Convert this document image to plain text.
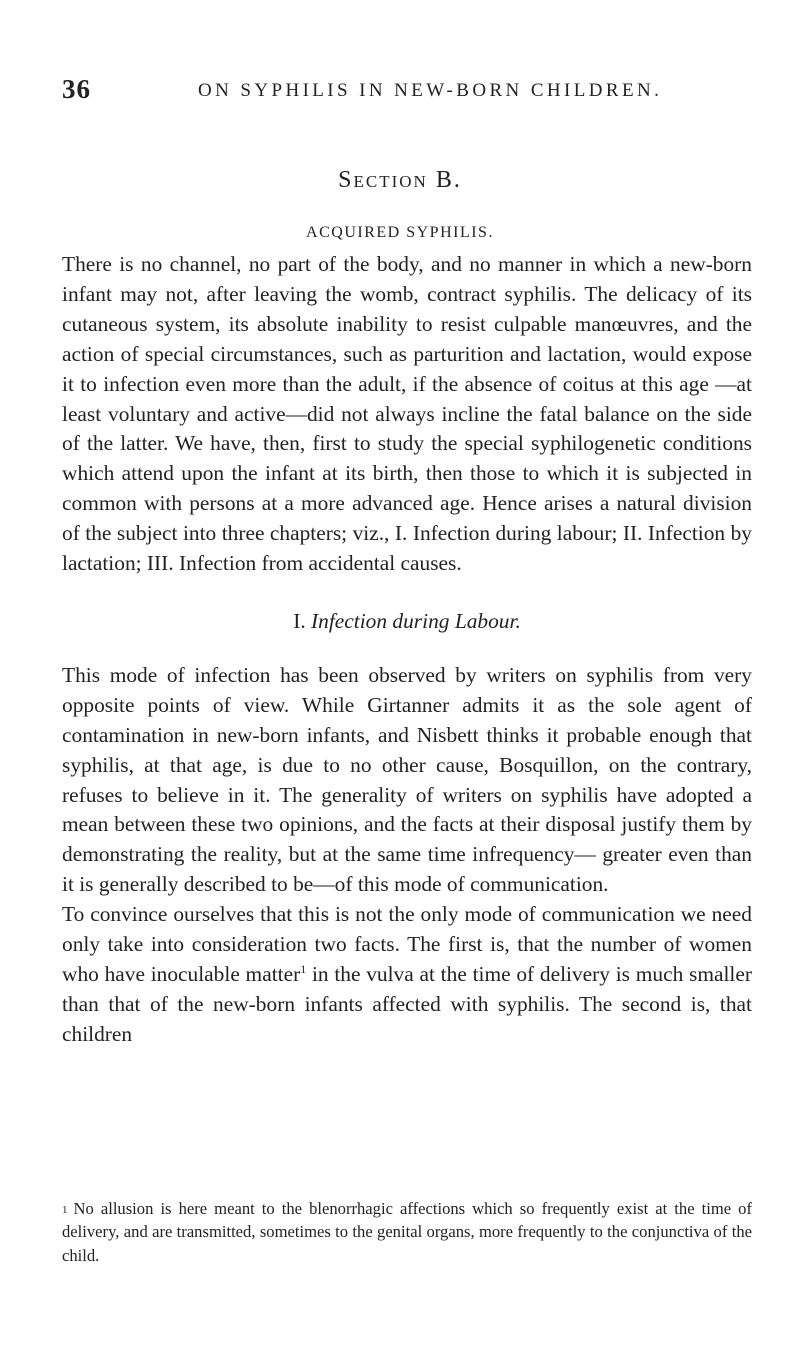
36	ON SYPHILIS IN NEW-BORN CHILDREN.
Section B.
ACQUIRED SYPHILIS.

There is no channel, no part of the body, and no manner in which a new-born infant may not, after leaving the womb, contract syphilis. The delicacy of its cutaneous system, its absolute inability to resist culpable manœuvres, and the action of special circumstances, such as parturition and lactation, would expose it to infection even more than the adult, if the absence of coitus at this age —at least voluntary and active—did not always incline the fatal balance on the side of the latter. We have, then, first to study the special syphilogenetic conditions which attend upon the infant at its birth, then those to which it is subjected in common with persons at a more advanced age. Hence arises a natural division of the subject into three chapters; viz., I. Infection during labour; II. Infection by lactation; III. Infection from accidental causes.

I. Infection during Labour.

This mode of infection has been observed by writers on syphilis from very opposite points of view. While Girtanner admits it as the sole agent of contamination in new-born infants, and Nisbett thinks it probable enough that syphilis, at that age, is due to no other cause, Bosquillon, on the contrary, refuses to believe in it. The generality of writers on syphilis have adopted a mean between these two opinions, and the facts at their disposal justify them by demonstrating the reality, but at the same time infrequency— greater even than it is generally described to be—of this mode of communication.

To convince ourselves that this is not the only mode of communication we need only take into consideration two facts. The first is, that the number of women who have inoculable matter$^1$ in the vulva at the time of delivery is much smaller than that of the new-born infants affected with syphilis. The second is, that children

$^1$ No allusion is here meant to the blenorrhagic affections which so frequently exist at the time of delivery, and are transmitted, sometimes to the genital organs, more frequently to the conjunctiva of the child.
